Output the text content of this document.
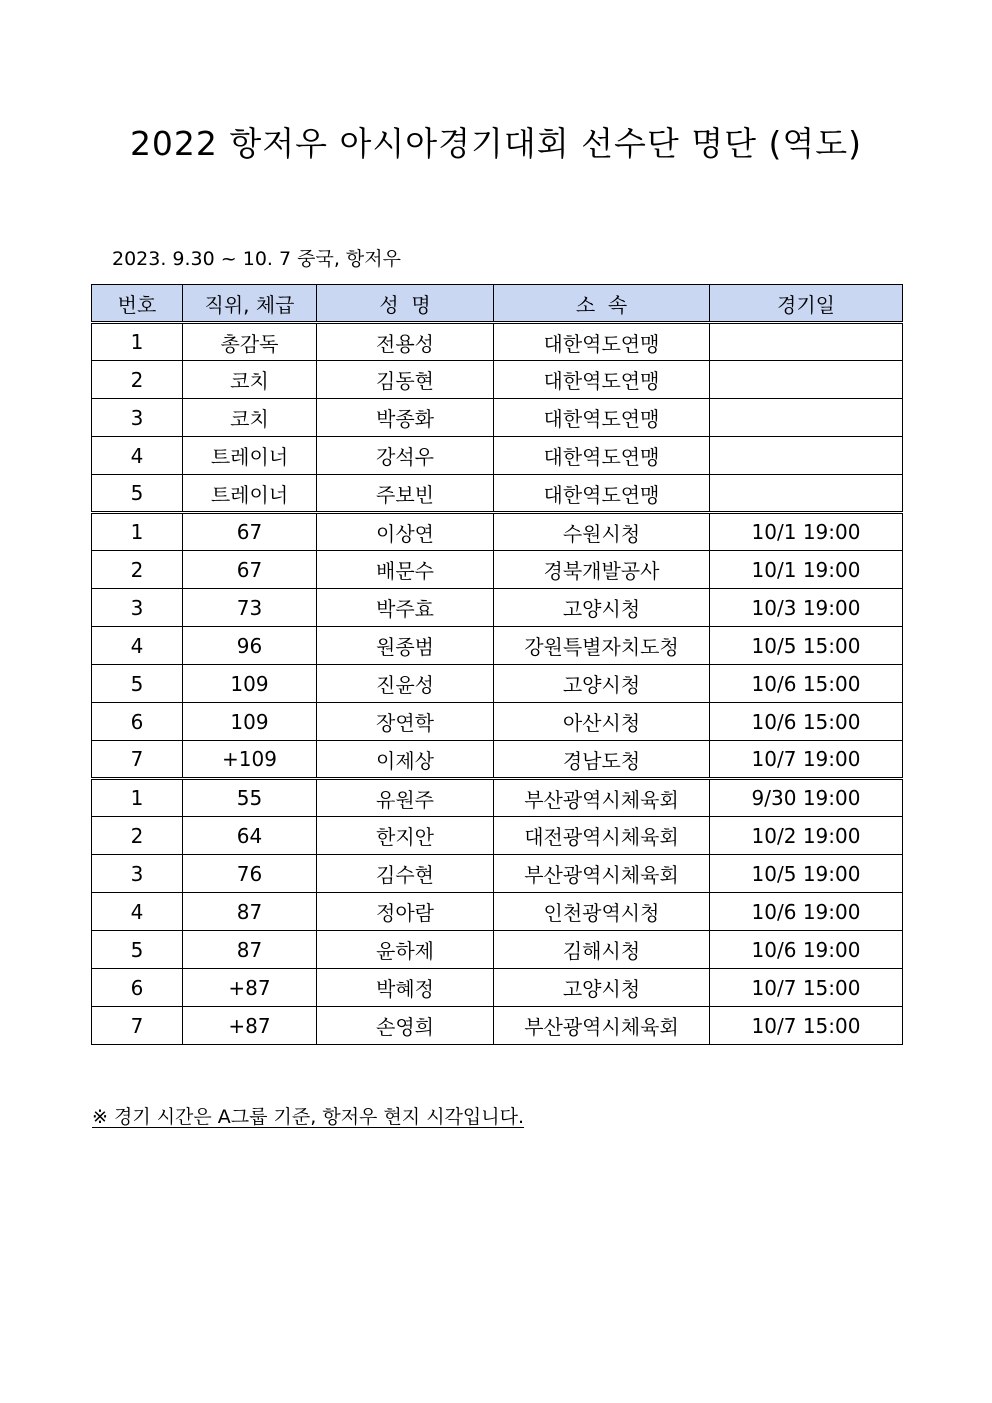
2022 항저우 아시아경기대회 선수단 명단 (역도)
2023. 9.30 ~ 10. 7 중국, 항저우
번호	직위, 체급	성  명	소  속	경기일
1	총감독	전용성	대한역도연맹	
2	코치	김동현	대한역도연맹	
3	코치	박종화	대한역도연맹	
4	트레이너	강석우	대한역도연맹	
5	트레이너	주보빈	대한역도연맹	
1	67	이상연	수원시청	10/1 19:00
2	67	배문수	경북개발공사	10/1 19:00
3	73	박주효	고양시청	10/3 19:00
4	96	원종범	강원특별자치도청	10/5 15:00
5	109	진윤성	고양시청	10/6 15:00
6	109	장연학	아산시청	10/6 15:00
7	+109	이제상	경남도청	10/7 19:00
1	55	유원주	부산광역시체육회	9/30 19:00
2	64	한지안	대전광역시체육회	10/2 19:00
3	76	김수현	부산광역시체육회	10/5 19:00
4	87	정아람	인천광역시청	10/6 19:00
5	87	윤하제	김해시청	10/6 19:00
6	+87	박혜정	고양시청	10/7 15:00
7	+87	손영희	부산광역시체육회	10/7 15:00
※ 경기 시간은 A그룹 기준, 항저우 현지 시각입니다.
